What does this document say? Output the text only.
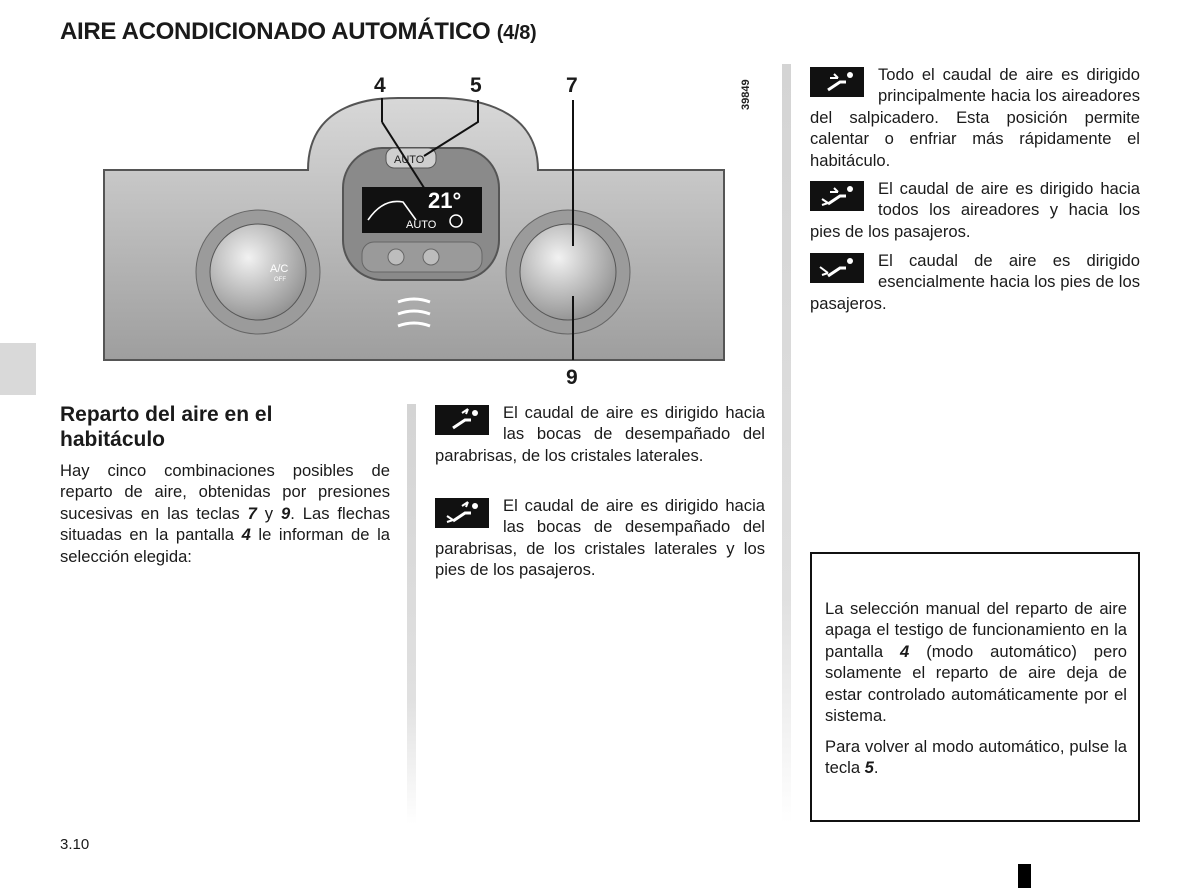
AIRE ACONDICIONADO AUTOMÁTICO (4/8)
AUTO
21°
AUTO
A/C
OFF
4	5	7
9
39849
Reparto del aire en el
habitáculo
Hay cinco combinaciones posibles de reparto de aire, obtenidas por presiones sucesivas en las teclas 7 y 9. Las flechas situadas en la pantalla 4 le informan de la selección elegida:
El caudal de aire es dirigido hacia las bocas de desempañado del parabrisas, de los cristales laterales.
El caudal de aire es dirigido hacia las bocas de desempañado del parabrisas, de los cristales laterales y los pies de los pasajeros.
Todo el caudal de aire es dirigido principalmente hacia los aireadores del salpicadero. Esta posición permite calentar o enfriar más rápidamente el habitáculo.
El caudal de aire es dirigido hacia todos los aireadores y hacia los pies de los pasajeros.
El caudal de aire es dirigido esencialmente hacia los pies de los pasajeros.
La selección manual del reparto de aire apaga el testigo de funcionamiento en la pantalla 4 (modo automático) pero solamente el reparto de aire deja de estar controlado automáticamente por el sistema.
Para volver al modo automático, pulse la tecla 5.
3.10
